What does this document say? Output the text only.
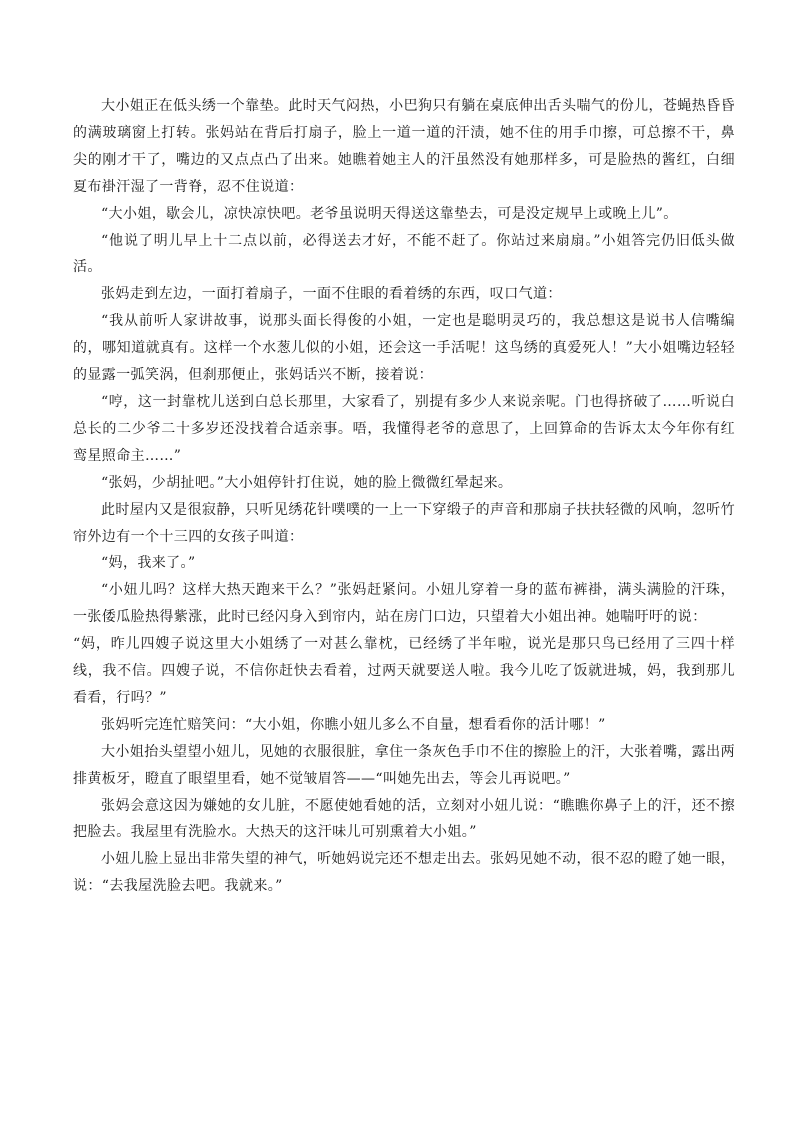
大小姐正在低头绣一个靠垫。此时天气闷热，小巴狗只有躺在桌底伸出舌头喘气的份儿，苍蝇热昏昏的满玻璃窗上打转。张妈站在背后打扇子，脸上一道一道的汗渍，她不住的用手巾擦，可总擦不干，鼻尖的刚才干了，嘴边的又点点凸了出来。她瞧着她主人的汗虽然没有她那样多，可是脸热的酱红，白细夏布褂汗湿了一背脊，忍不住说道：

“大小姐，歇会儿，凉快凉快吧。老爷虽说明天得送这靠垫去，可是没定规早上或晚上儿”。

“他说了明儿早上十二点以前，必得送去才好，不能不赶了。你站过来扇扇。”小姐答完仍旧低头做活。

张妈走到左边，一面打着扇子，一面不住眼的看着绣的东西，叹口气道：

“我从前听人家讲故事，说那头面长得俊的小姐，一定也是聪明灵巧的，我总想这是说书人信嘴编的，哪知道就真有。这样一个水葱儿似的小姐，还会这一手活呢！这鸟绣的真爱死人！”大小姐嘴边轻轻的显露一弧笑涡，但刹那便止，张妈话兴不断，接着说：

“哼，这一封靠枕儿送到白总长那里，大家看了，别提有多少人来说亲呢。门也得挤破了……听说白总长的二少爷二十多岁还没找着合适亲事。唔，我懂得老爷的意思了，上回算命的告诉太太今年你有红鸾星照命主……”

“张妈，少胡扯吧。”大小姐停针打住说，她的脸上微微红晕起来。

此时屋内又是很寂静，只听见绣花针噗噗的一上一下穿缎子的声音和那扇子扶扶轻微的风响，忽听竹帘外边有一个十三四的女孩子叫道：

“妈，我来了。”

“小妞儿吗？这样大热天跑来干么？”张妈赶紧问。小妞儿穿着一身的蓝布裤褂，满头满脸的汗珠，一张倭瓜脸热得紫涨，此时已经闪身入到帘内，站在房门口边，只望着大小姐出神。她喘吁吁的说：

“妈，昨儿四嫂子说这里大小姐绣了一对甚么靠枕，已经绣了半年啦，说光是那只鸟已经用了三四十样线，我不信。四嫂子说，不信你赶快去看着，过两天就要送人啦。我今儿吃了饭就进城，妈，我到那儿看看，行吗？”

张妈听完连忙赔笑问：“大小姐，你瞧小妞儿多么不自量，想看看你的活计哪！”

大小姐抬头望望小妞儿，见她的衣服很脏，拿住一条灰色手巾不住的擦脸上的汗，大张着嘴，露出两排黄板牙，瞪直了眼望里看，她不觉皱眉答——“叫她先出去，等会儿再说吧。”

张妈会意这因为嫌她的女儿脏，不愿使她看她的活，立刻对小妞儿说：“瞧瞧你鼻子上的汗，还不擦把脸去。我屋里有洗脸水。大热天的这汗味儿可别熏着大小姐。”

小妞儿脸上显出非常失望的神气，听她妈说完还不想走出去。张妈见她不动，很不忍的瞪了她一眼，说：“去我屋洗脸去吧。我就来。”
